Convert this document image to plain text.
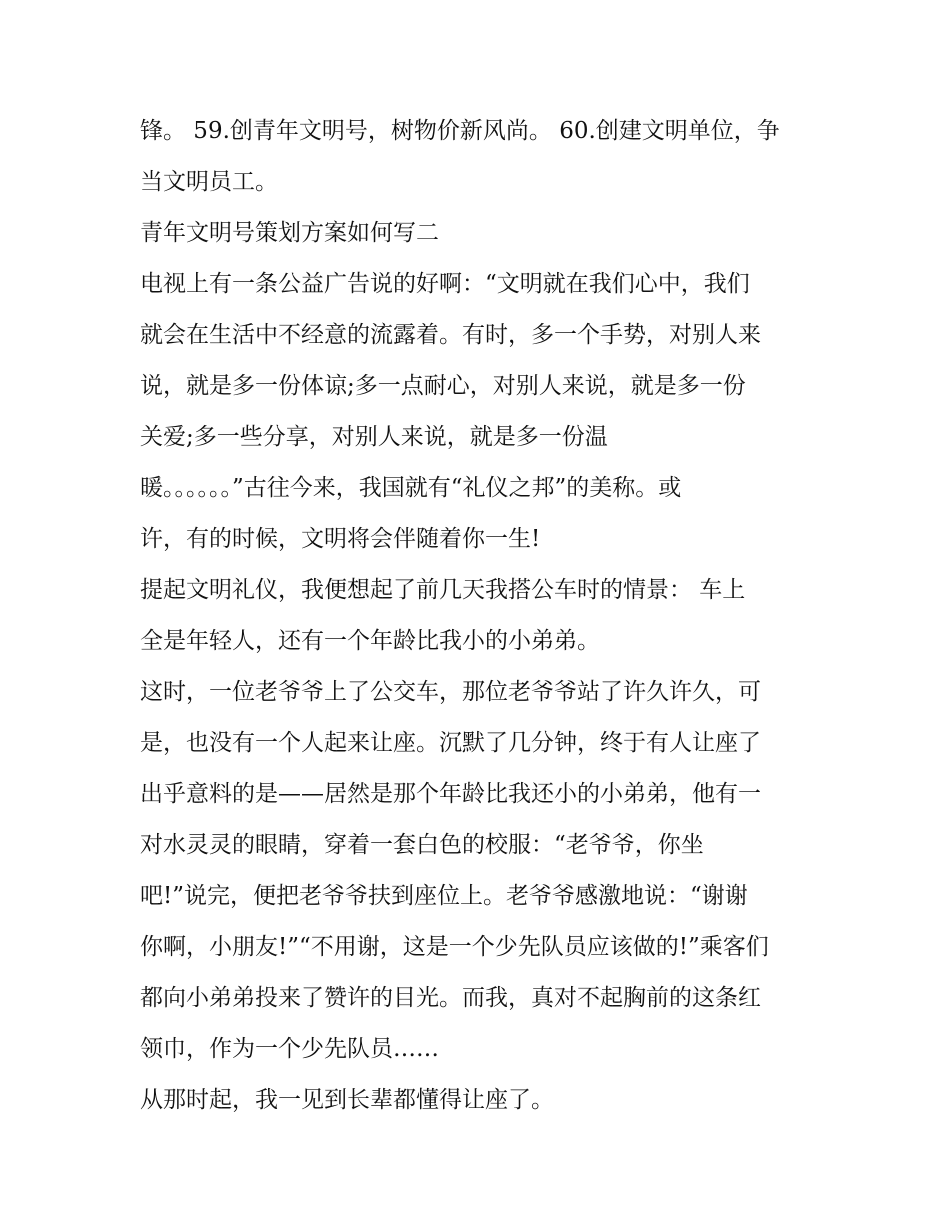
锋。 59.创青年文明号，树物价新风尚。 60.创建文明单位，争
当文明员工。
青年文明号策划方案如何写二
电视上有一条公益广告说的好啊：“文明就在我们心中，我们
就会在生活中不经意的流露着。有时，多一个手势，对别人来
说，就是多一份体谅;多一点耐心，对别人来说，就是多一份
关爱;多一些分享，对别人来说，就是多一份温
暖。。。。。。”古往今来，我国就有“礼仪之邦”的美称。或
许，有的时候，文明将会伴随着你一生!
提起文明礼仪，我便想起了前几天我搭公车时的情景： 车上
全是年轻人，还有一个年龄比我小的小弟弟。
这时，一位老爷爷上了公交车，那位老爷爷站了许久许久，可
是，也没有一个人起来让座。沉默了几分钟，终于有人让座了
出乎意料的是——居然是那个年龄比我还小的小弟弟，他有一
对水灵灵的眼睛，穿着一套白色的校服：“老爷爷，你坐
吧!”说完，便把老爷爷扶到座位上。老爷爷感激地说：“谢谢
你啊，小朋友!”“不用谢，这是一个少先队员应该做的!”乘客们
都向小弟弟投来了赞许的目光。而我，真对不起胸前的这条红
领巾，作为一个少先队员……
从那时起，我一见到长辈都懂得让座了。
